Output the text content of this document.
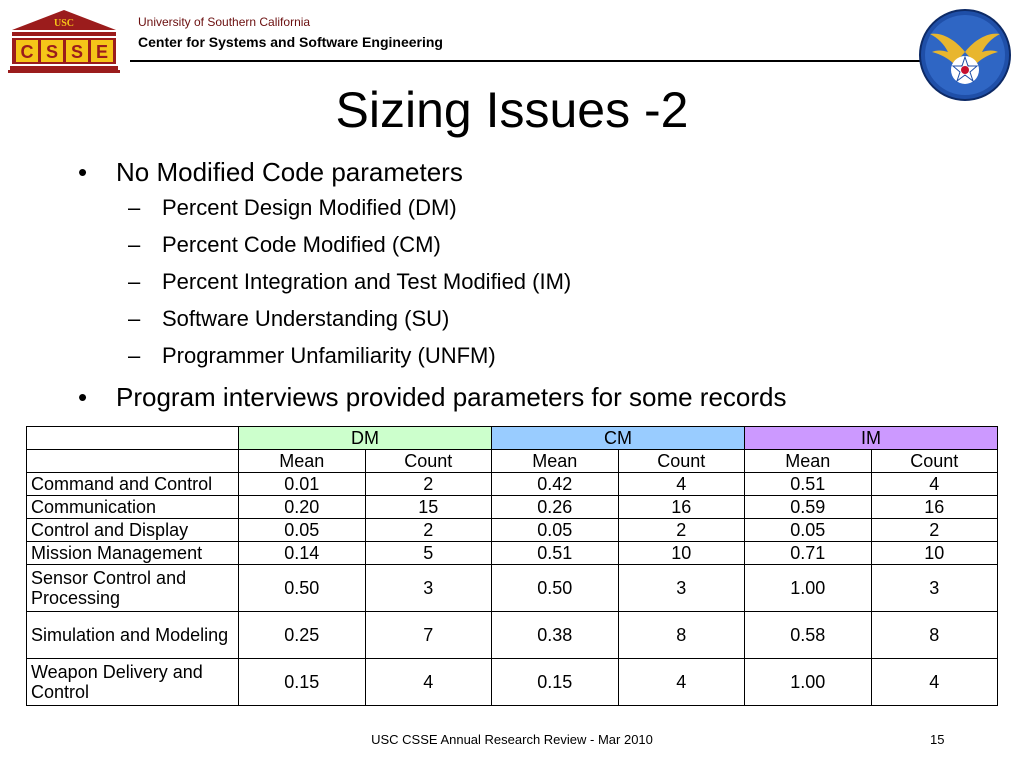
USC
C S S E
University of Southern California
Center for Systems and Software Engineering
Sizing Issues -2
• No Modified Code parameters
– Percent Design Modified (DM)
– Percent Code Modified (CM)
– Percent Integration and Test Modified (IM)
– Software Understanding (SU)
– Programmer Unfamiliarity (UNFM)
• Program interviews provided parameters for some records
	DM		CM		IM	
	Mean	Count	Mean	Count	Mean	Count
Command and Control	0.01	2	0.42	4	0.51	4
Communication	0.20	15	0.26	16	0.59	16
Control and Display	0.05	2	0.05	2	0.05	2
Mission Management	0.14	5	0.51	10	0.71	10
Sensor Control and Processing	0.50	3	0.50	3	1.00	3
Simulation and Modeling	0.25	7	0.38	8	0.58	8
Weapon Delivery and Control	0.15	4	0.15	4	1.00	4
USC CSSE Annual Research Review - Mar 2010	15
